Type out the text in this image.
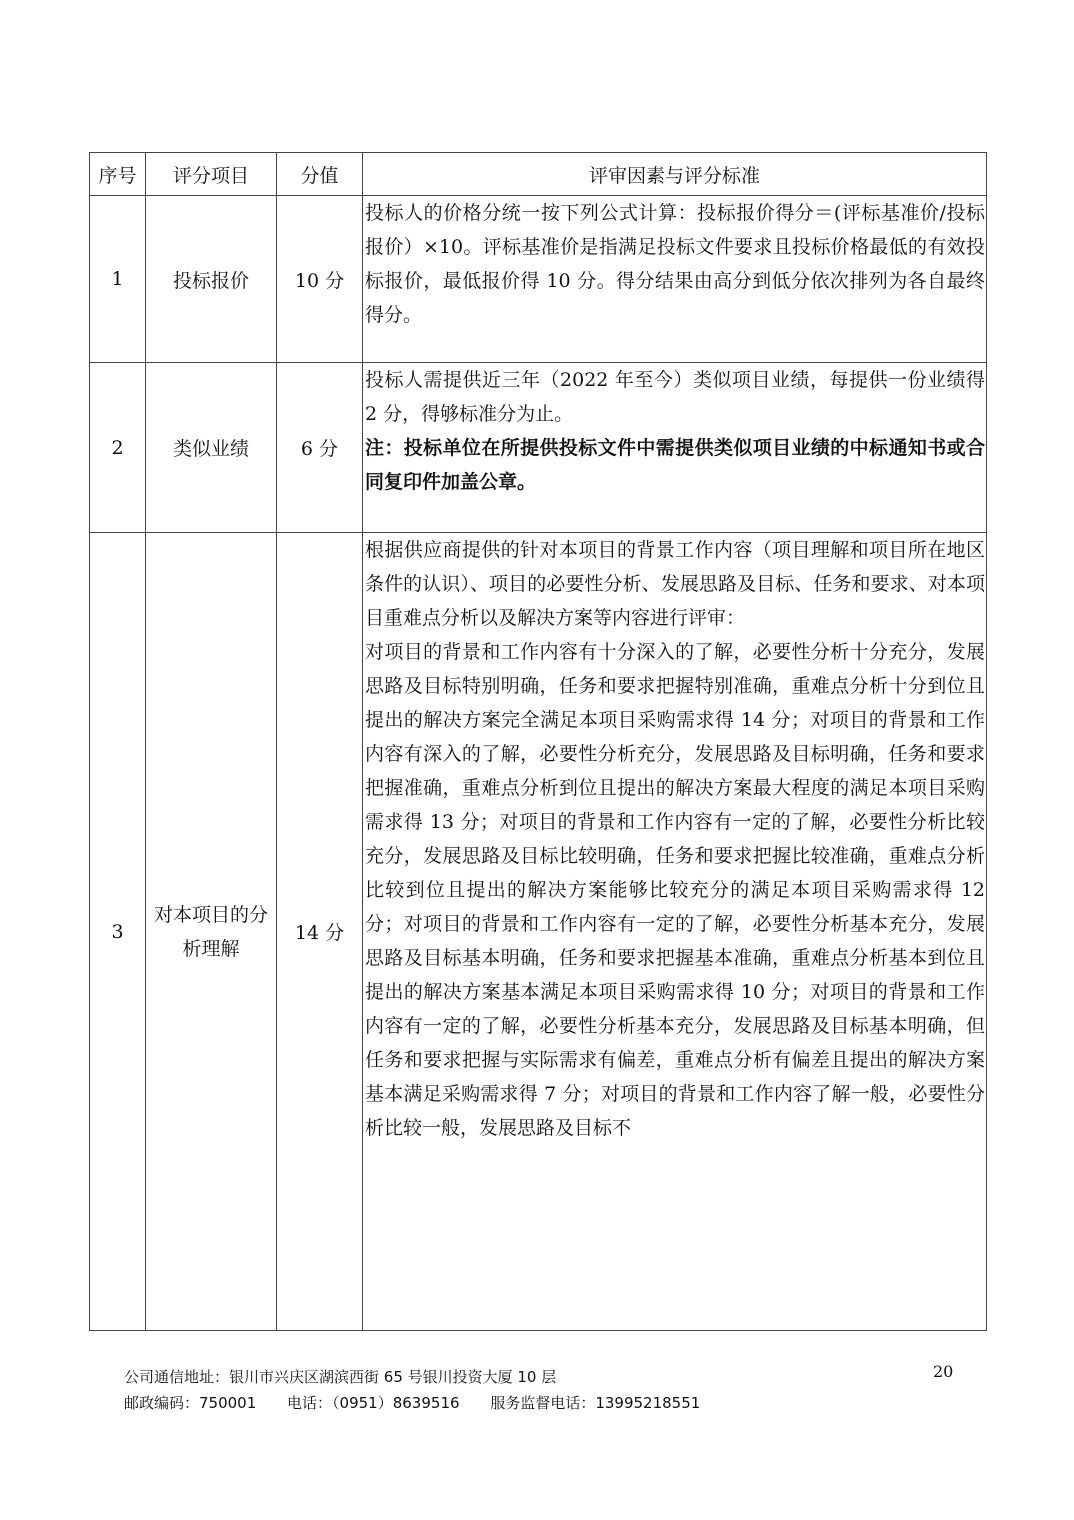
序号	评分项目	分值	评审因素与评分标准
1	投标报价	10 分	投标人的价格分统一按下列公式计算：投标报价得分＝(评标基准价/投标报价）×10。评标基准价是指满足投标文件要求且投标价格最低的有效投标报价，最低报价得 10 分。得分结果由高分到低分依次排列为各自最终得分。

2	类似业绩	6 分	投标人需提供近三年（2022 年至今）类似项目业绩，每提供一份业绩得 2 分，得够标准分为止。

注：投标单位在所提供投标文件中需提供类似项目业绩的中标通知书或合同复印件加盖公章。

3	对本项目的分析理解	14 分	根据供应商提供的针对本项目的背景工作内容（项目理解和项目所在地区条件的认识）、项目的必要性分析、发展思路及目标、任务和要求、对本项目重难点分析以及解决方案等内容进行评审：

对项目的背景和工作内容有十分深入的了解，必要性分析十分充分，发展思路及目标特别明确，任务和要求把握特别准确，重难点分析十分到位且提出的解决方案完全满足本项目采购需求得 14 分；对项目的背景和工作内容有深入的了解，必要性分析充分，发展思路及目标明确，任务和要求把握准确，重难点分析到位且提出的解决方案最大程度的满足本项目采购需求得 13 分；对项目的背景和工作内容有一定的了解，必要性分析比较充分，发展思路及目标比较明确，任务和要求把握比较准确，重难点分析比较到位且提出的解决方案能够比较充分的满足本项目采购需求得 12 分；对项目的背景和工作内容有一定的了解，必要性分析基本充分，发展思路及目标基本明确，任务和要求把握基本准确，重难点分析基本到位且提出的解决方案基本满足本项目采购需求得 10 分；对项目的背景和工作内容有一定的了解，必要性分析基本充分，发展思路及目标基本明确，但任务和要求把握与实际需求有偏差，重难点分析有偏差且提出的解决方案基本满足采购需求得 7 分；对项目的背景和工作内容了解一般，必要性分析比较一般，发展思路及目标不

公司通信地址：银川市兴庆区湖滨西街 65 号银川投资大厦 10 层
邮政编码：750001 电话：（0951）8639516 服务监督电话：13995218551
20
